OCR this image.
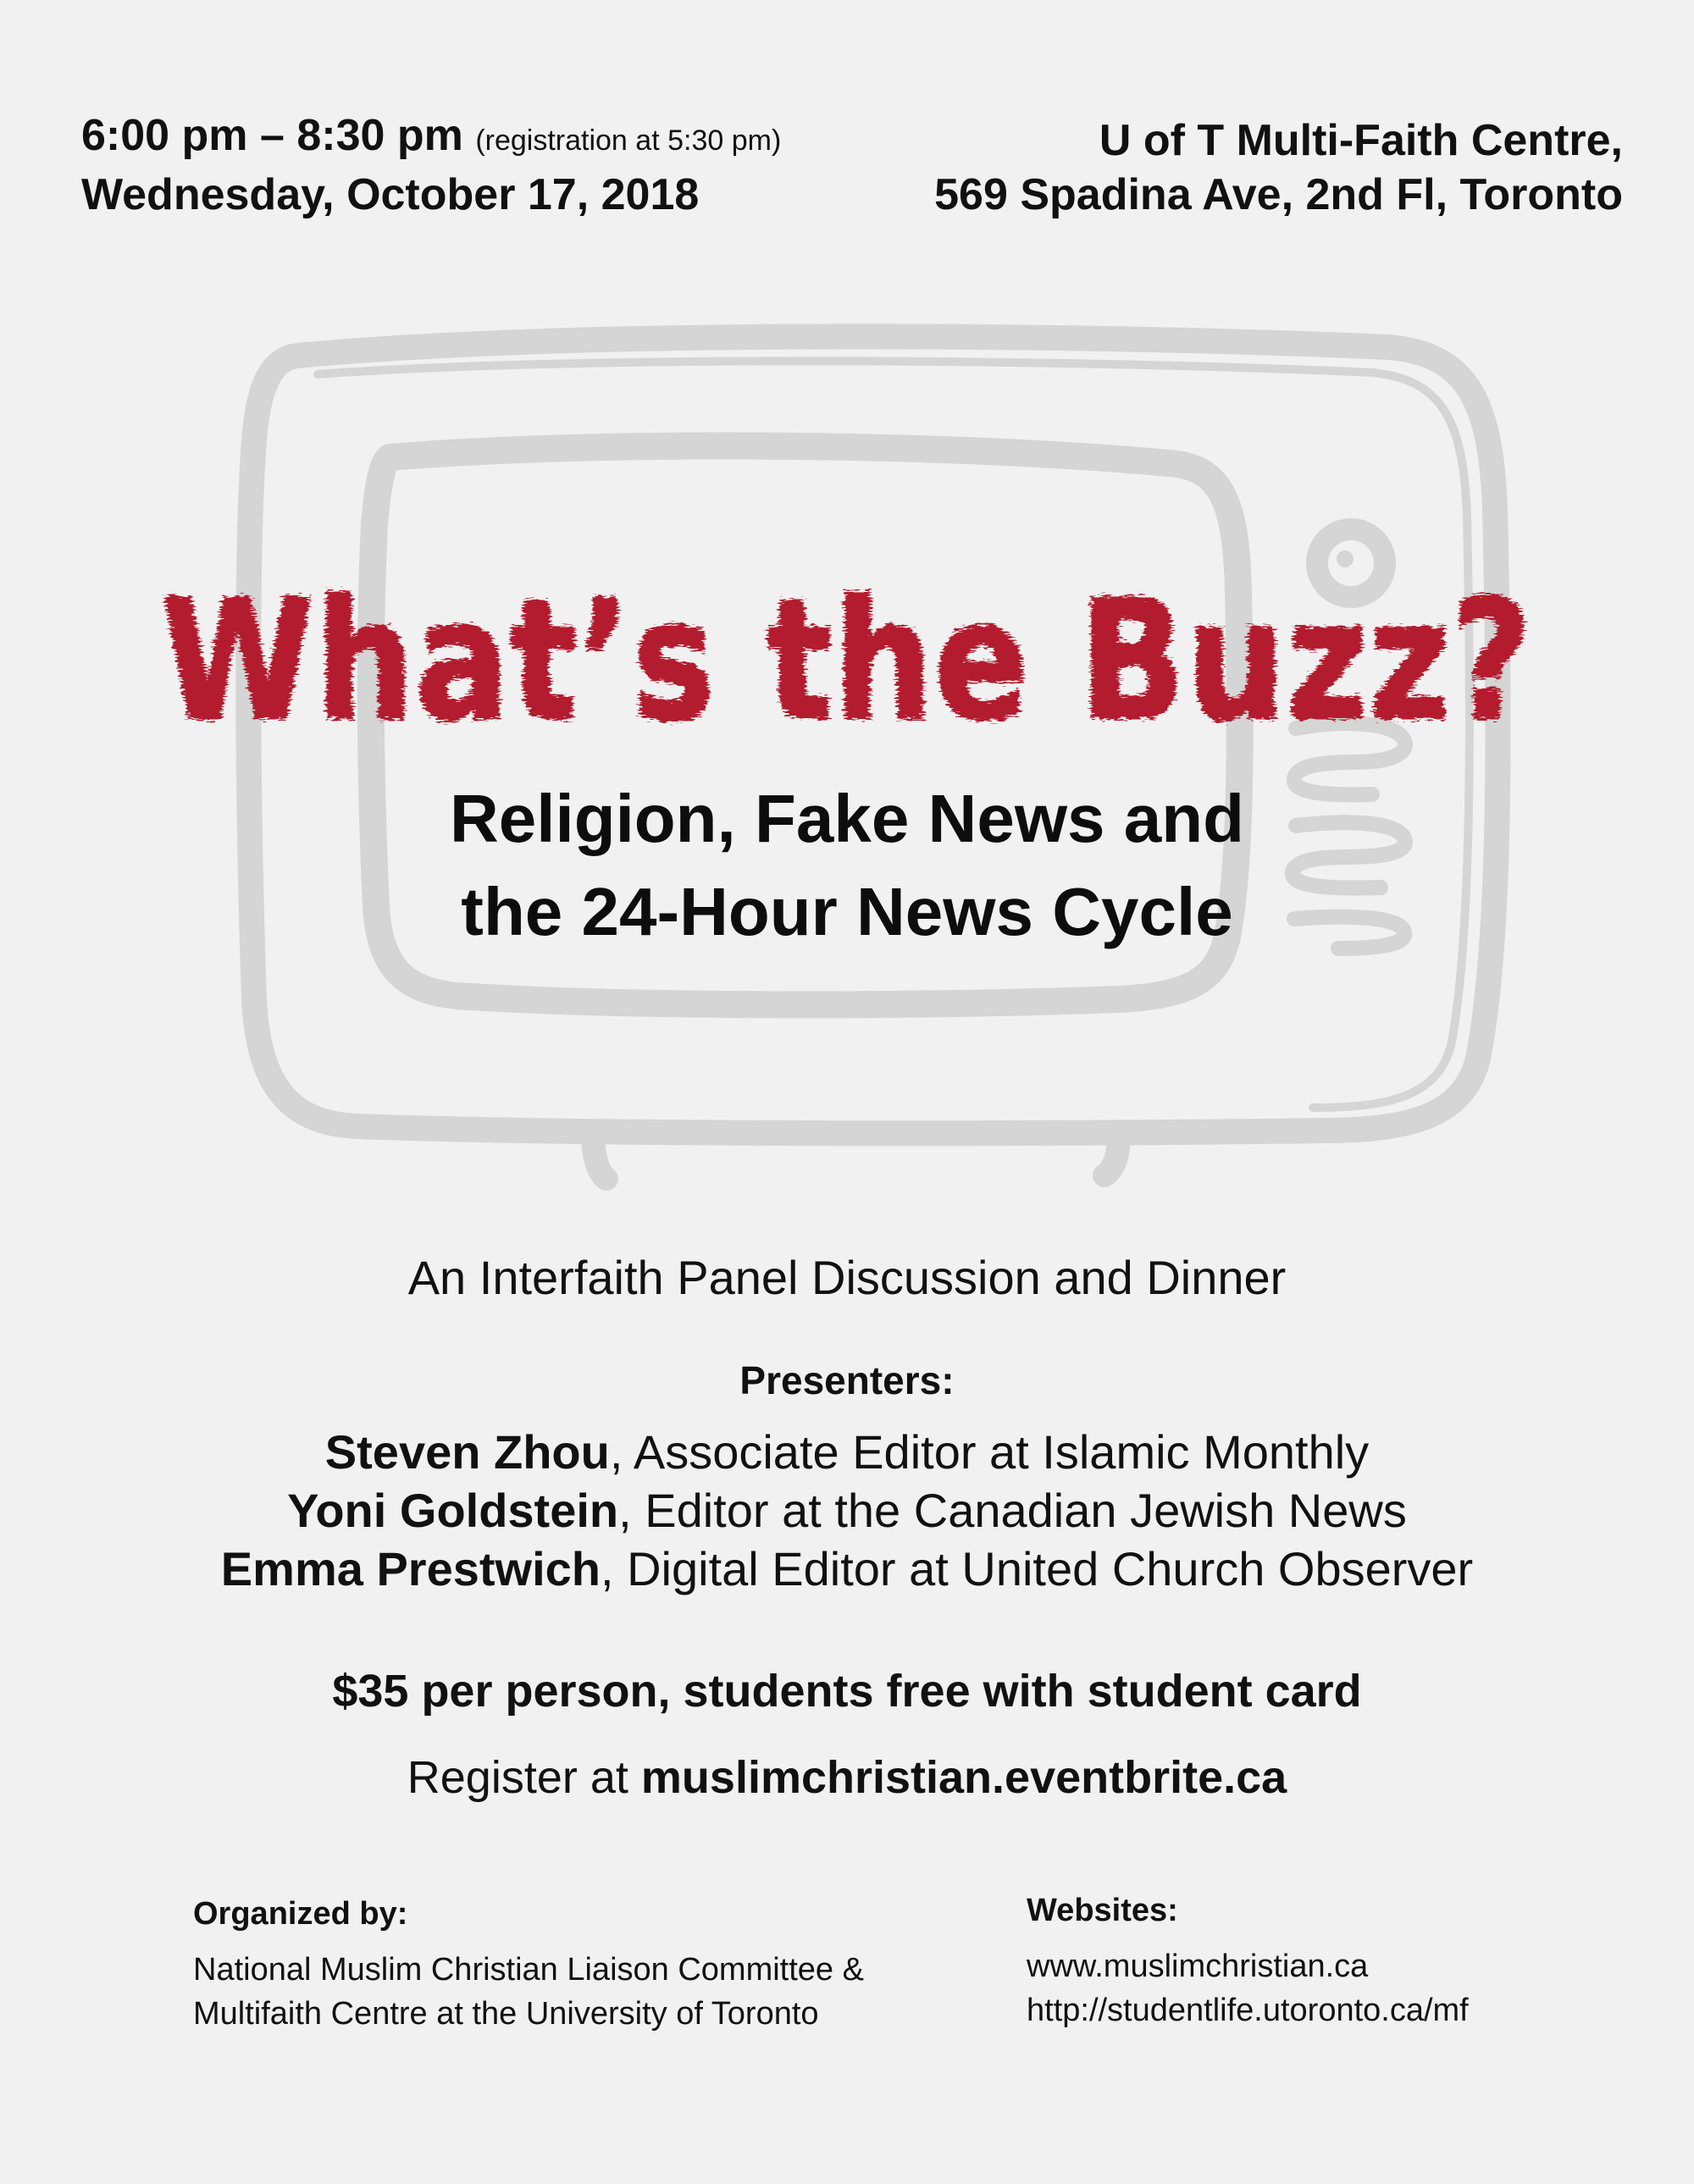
What’s the Buzz?
6:00 pm – 8:30 pm (registration at 5:30 pm)
Wednesday, October 17, 2018
U of T Multi-Faith Centre,
569 Spadina Ave, 2nd Fl, Toronto
Religion, Fake News and
the 24-Hour News Cycle
An Interfaith Panel Discussion and Dinner
Presenters:
Steven Zhou, Associate Editor at Islamic Monthly
Yoni Goldstein, Editor at the Canadian Jewish News
Emma Prestwich, Digital Editor at United Church Observer
$35 per person, students free with student card
Register at muslimchristian.eventbrite.ca
Organized by:
National Muslim Christian Liaison Committee &
Multifaith Centre at the University of Toronto
Websites:
www.muslimchristian.ca
http://studentlife.utoronto.ca/mf
